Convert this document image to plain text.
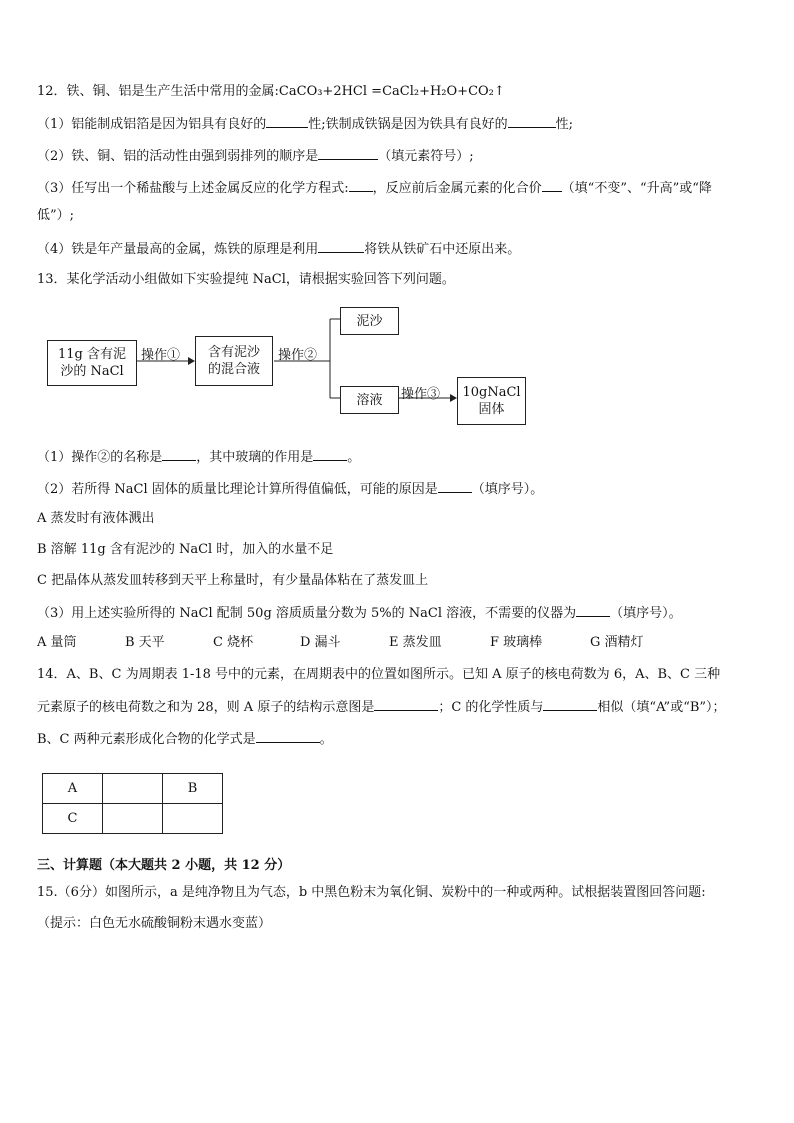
12．铁、铜、铝是生产生活中常用的金属:CaCO₃+2HCl =CaCl₂+H₂O+CO₂↑
（1）铝能制成铝箔是因为铝具有良好的	性;铁制成铁锅是因为铁具有良好的	性;
（2）铁、铜、铝的活动性由强到弱排列的顺序是	（填元素符号）;
（3）任写出一个稀盐酸与上述金属反应的化学方程式: ，反应前后金属元素的化合价 （填“不变”、“升高”或“降
低”）;
（4）铁是年产量最高的金属，炼铁的原理是利用	将铁从铁矿石中还原出来。
13．某化学活动小组做如下实验提纯 NaCl，请根据实验回答下列问题。
11g 含有泥
沙的 NaCl
操作①	含有泥沙
的混合液
操作②
泥沙
溶液	操作③	10gNaCl
固体
（1）操作②的名称是	，其中玻璃的作用是	。
（2）若所得 NaCl 固体的质量比理论计算所得值偏低，可能的原因是	（填序号）。
A 蒸发时有液体溅出
B 溶解 11g 含有泥沙的 NaCl 时，加入的水量不足
C 把晶体从蒸发皿转移到天平上称量时，有少量晶体粘在了蒸发皿上
（3）用上述实验所得的 NaCl 配制 50g 溶质质量分数为 5%的 NaCl 溶液，不需要的仪器为	（填序号）。
A 量筒	B 天平	C 烧杯	D 漏斗	E 蒸发皿	F 玻璃棒	G 酒精灯
14．A、B、C 为周期表 1-18 号中的元素，在周期表中的位置如图所示。已知 A 原子的核电荷数为 6，A、B、C 三种
元素原子的核电荷数之和为 28，则 A 原子的结构示意图是	；C 的化学性质与	相似（填“A”或“B”）；
B、C 两种元素形成化合物的化学式是	。
A		B
C		
三、计算题（本大题共 2 小题，共 12 分）
15.（6分）如图所示，a 是纯净物且为气态，b 中黑色粉末为氧化铜、炭粉中的一种或两种。试根据装置图回答问题:
（提示：白色无水硫酸铜粉末遇水变蓝）
